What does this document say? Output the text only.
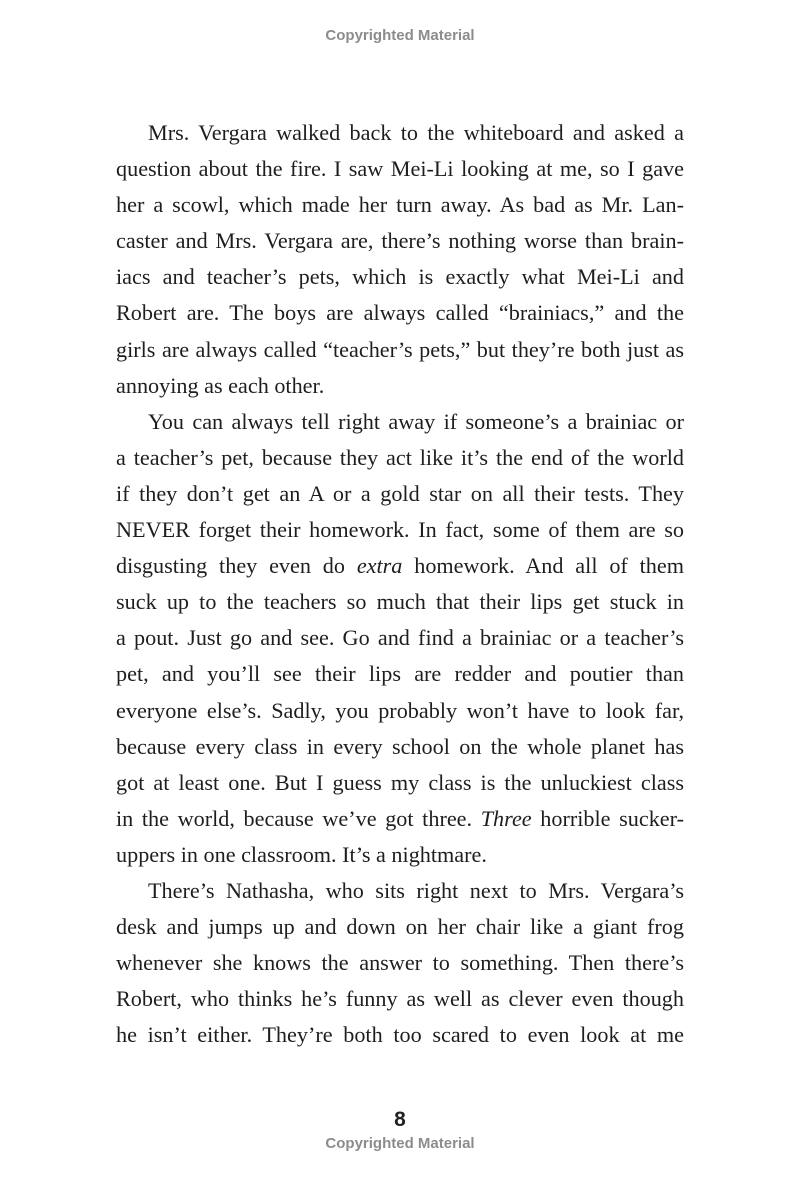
Copyrighted Material
Mrs. Vergara walked back to the whiteboard and asked a
question about the fire. I saw Mei-Li looking at me, so I gave
her a scowl, which made her turn away. As bad as Mr. Lan-
caster and Mrs. Vergara are, there’s nothing worse than brain-
iacs and teacher’s pets, which is exactly what Mei-Li and
Robert are. The boys are always called “brainiacs,” and the
girls are always called “teacher’s pets,” but they’re both just as
annoying as each other.
You can always tell right away if someone’s a brainiac or
a teacher’s pet, because they act like it’s the end of the world
if they don’t get an A or a gold star on all their tests. They
NEVER forget their homework. In fact, some of them are so
disgusting they even do extra homework. And all of them
suck up to the teachers so much that their lips get stuck in
a pout. Just go and see. Go and find a brainiac or a teacher’s
pet, and you’ll see their lips are redder and poutier than
everyone else’s. Sadly, you probably won’t have to look far,
because every class in every school on the whole planet has
got at least one. But I guess my class is the unluckiest class
in the world, because we’ve got three. Three horrible sucker-
uppers in one classroom. It’s a nightmare.
There’s Nathasha, who sits right next to Mrs. Vergara’s
desk and jumps up and down on her chair like a giant frog
whenever she knows the answer to something. Then there’s
Robert, who thinks he’s funny as well as clever even though
he isn’t either. They’re both too scared to even look at me
8
Copyrighted Material
